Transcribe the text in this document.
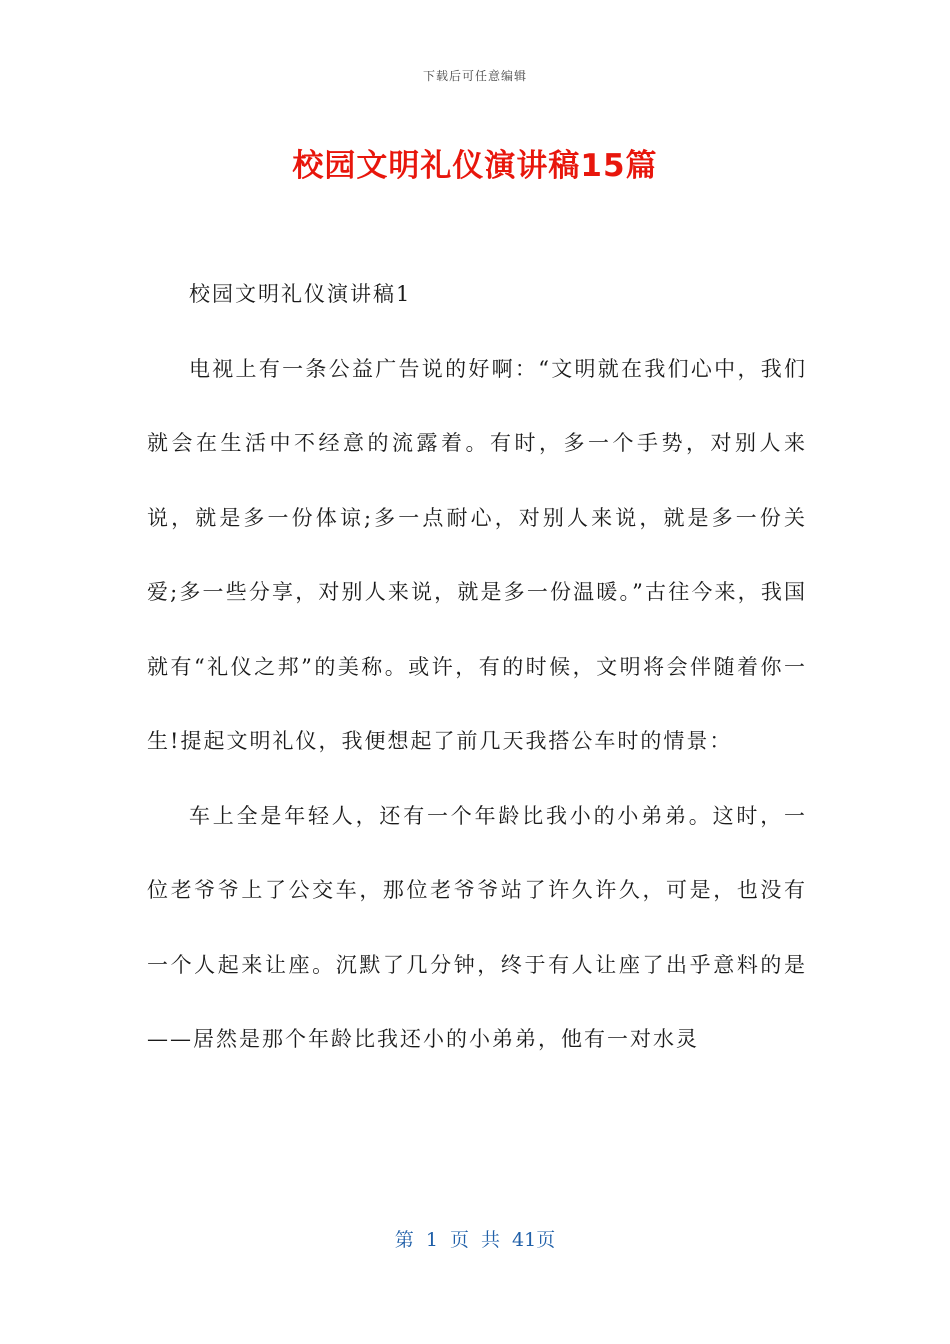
下载后可任意编辑
校园文明礼仪演讲稿15篇

校园文明礼仪演讲稿1

电视上有一条公益广告说的好啊：“文明就在我们心中，我们就会在生活中不经意的流露着。有时，多一个手势，对别人来说，就是多一份体谅;多一点耐心，对别人来说，就是多一份关爱;多一些分享，对别人来说，就是多一份温暖。”古往今来，我国就有“礼仪之邦”的美称。或许，有的时候，文明将会伴随着你一生!提起文明礼仪，我便想起了前几天我搭公车时的情景：

车上全是年轻人，还有一个年龄比我小的小弟弟。这时，一位老爷爷上了公交车，那位老爷爷站了许久许久，可是，也没有一个人起来让座。沉默了几分钟，终于有人让座了出乎意料的是——居然是那个年龄比我还小的小弟弟，他有一对水灵

第 1 页 共 41页
